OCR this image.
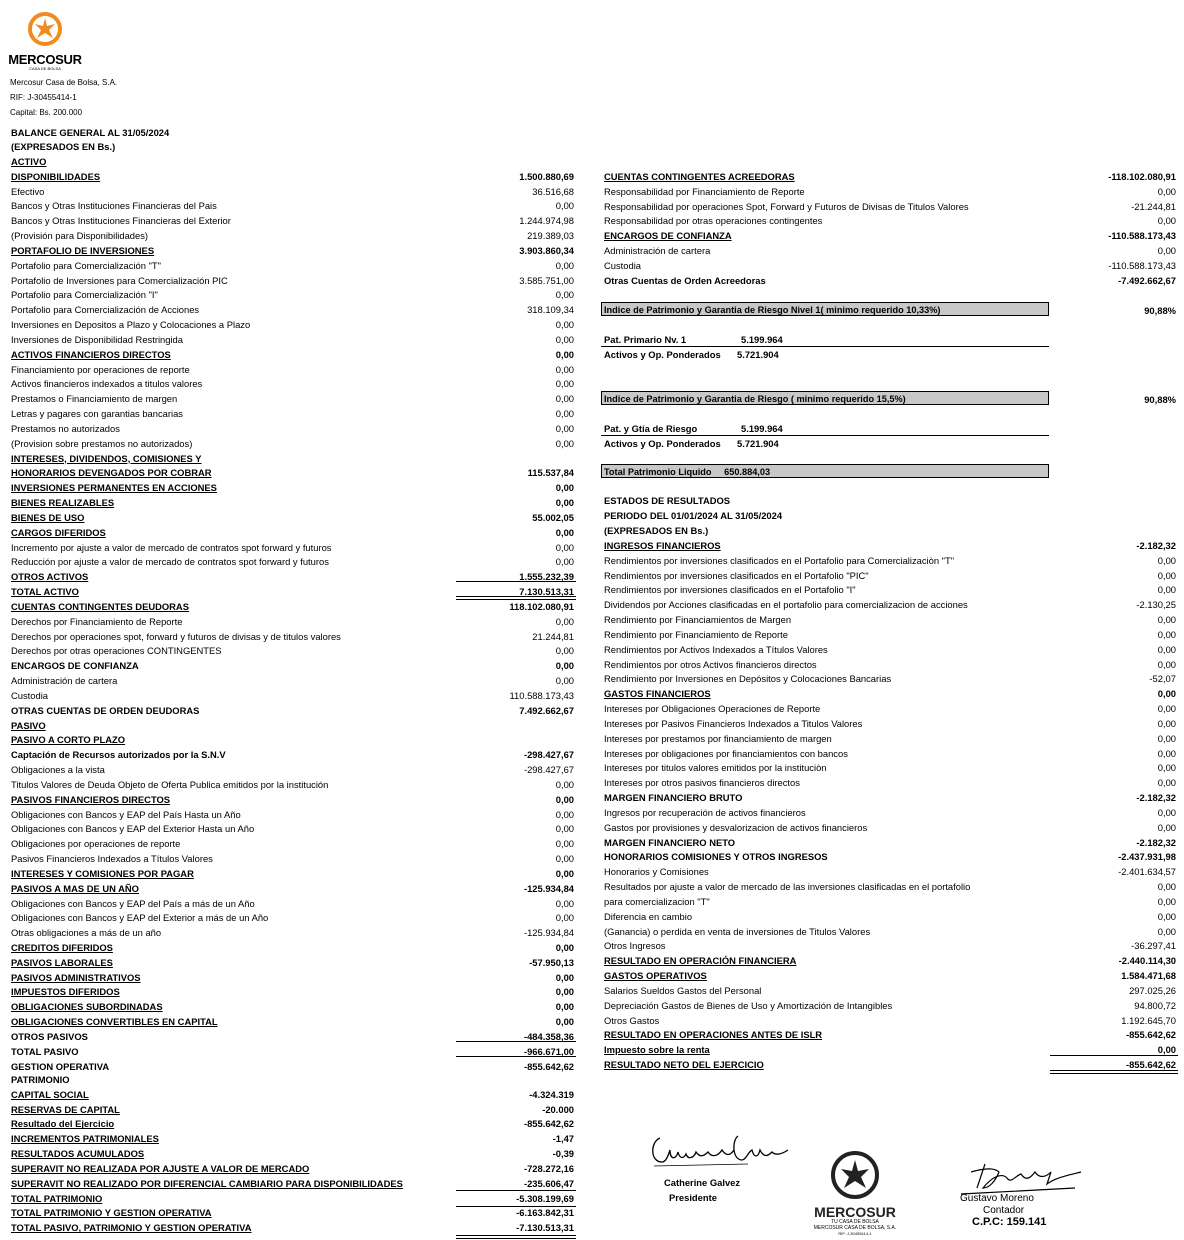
MERCOSUR
CASA DE BOLSA
Mercosur Casa de Bolsa, S.A.
RIF: J-30455414-1
Capital: Bs. 200.000
BALANCE GENERAL AL 31/05/2024
(EXPRESADOS EN Bs.)
ACTIVO
DISPONIBILIDADES	1.500.880,69
Efectivo	36.516,68
Bancos y Otras Instituciones Financieras del Pais	0,00
Bancos y Otras Instituciones Financieras del Exterior	1.244.974,98
(Provisión para Disponibilidades)	219.389,03
PORTAFOLIO DE INVERSIONES	3.903.860,34
Portafolio para Comercialización "T"	0,00
Portafolio de Inversiones para Comercialización PIC	3.585.751,00
Portafolio para Comercialización "I"	0,00
Portafolio para Comercialización de Acciones	318.109,34
Inversiones en Depositos a Plazo y Colocaciones a Plazo	0,00
Inversiones de Disponibilidad Restringida	0,00
ACTIVOS FINANCIEROS DIRECTOS	0,00
Financiamiento por operaciones de reporte	0,00
Activos financieros indexados a titulos valores	0,00
Prestamos o Financiamiento de margen	0,00
Letras y pagares con garantias bancarias	0,00
Prestamos no autorizados	0,00
(Provision sobre prestamos no autorizados)	0,00
INTERESES, DIVIDENDOS, COMISIONES Y
HONORARIOS DEVENGADOS POR COBRAR	115.537,84
INVERSIONES PERMANENTES EN ACCIONES	0,00
BIENES REALIZABLES	0,00
BIENES DE USO	55.002,05
CARGOS DIFERIDOS	0,00
Incremento por ajuste a valor de mercado de contratos spot forward y futuros	0,00
Reducción por ajuste a valor de mercado de contratos spot forward y futuros	0,00
OTROS ACTIVOS	1.555.232,39
TOTAL ACTIVO	7.130.513,31
CUENTAS CONTINGENTES DEUDORAS	118.102.080,91
Derechos por Financiamiento de Reporte	0,00
Derechos por operaciones spot, forward y futuros de divisas y de titulos valores	21.244,81
Derechos por otras operaciones CONTINGENTES	0,00
ENCARGOS DE CONFIANZA	0,00
Administración de cartera	0,00
Custodia	110.588.173,43
OTRAS CUENTAS DE ORDEN DEUDORAS	7.492.662,67
PASIVO
PASIVO A CORTO PLAZO
Captación de Recursos autorizados por la S.N.V	-298.427,67
Obligaciones a la vista	-298.427,67
Titulos Valores de Deuda Objeto de Oferta Publica emitidos por la institución	0,00
PASIVOS FINANCIEROS DIRECTOS	0,00
Obligaciones con Bancos y EAP del País Hasta un Año	0,00
Obligaciones con Bancos y EAP del Exterior Hasta un Año	0,00
Obligaciones por operaciones de reporte	0,00
Pasivos Financieros Indexados a Títulos Valores	0,00
INTERESES Y COMISIONES POR PAGAR	0,00
PASIVOS A MAS DE UN AÑO	-125.934,84
Obligaciones con Bancos y EAP del País a más de un Año	0,00
Obligaciones con Bancos y EAP del Exterior a más de un Año	0,00
Otras obligaciones a más de un año	-125.934,84
CREDITOS DIFERIDOS	0,00
PASIVOS LABORALES	-57.950,13
PASIVOS ADMINISTRATIVOS	0,00
IMPUESTOS DIFERIDOS	0,00
OBLIGACIONES SUBORDINADAS	0,00
OBLIGACIONES CONVERTIBLES EN CAPITAL	0,00
OTROS PASIVOS	-484.358,36
TOTAL PASIVO	-966.671,00
GESTION OPERATIVA	-855.642,62
PATRIMONIO
CAPITAL SOCIAL	-4.324.319
RESERVAS DE CAPITAL	-20.000
Resultado del Ejercicio	-855.642,62
INCREMENTOS PATRIMONIALES	-1,47
RESULTADOS ACUMULADOS	-0,39
SUPERAVIT NO REALIZADA POR AJUSTE A VALOR DE MERCADO	-728.272,16
SUPERAVIT NO REALIZADO POR DIFERENCIAL CAMBIARIO PARA DISPONIBILIDADES	-235.606,47
TOTAL PATRIMONIO	-5.308.199,69
TOTAL PATRIMONIO Y GESTION OPERATIVA	-6.163.842,31
TOTAL PASIVO, PATRIMONIO Y GESTION OPERATIVA	-7.130.513,31
CUENTAS CONTINGENTES ACREEDORAS	-118.102.080,91
Responsabilidad por Financiamiento de Reporte	0,00
Responsabilidad por operaciones Spot, Forward y Futuros de Divisas de Titulos Valores	-21.244,81
Responsabilidad por otras operaciones contingentes	0,00
ENCARGOS DE CONFIANZA	-110.588.173,43
Administración de cartera	0,00
Custodia	-110.588.173,43
Otras Cuentas de Orden Acreedoras	-7.492.662,67
INGRESOS FINANCIEROS	-2.182,32
Rendimientos por inversiones clasificados en el Portafolio para Comercializaciòn "T"	0,00
Rendimientos por inversiones clasificados en el Portafolio "PIC"	0,00
Rendimientos por inversiones clasificados en el Portafolio "I"	0,00
Dividendos por Acciones clasificadas en el portafolio para comercializacion de acciones	-2.130,25
Rendimiento por Financiamientos de Margen	0,00
Rendimiento por Financiamiento de Reporte	0,00
Rendimientos por Activos Indexados a Títulos Valores	0,00
Rendimientos por otros Activos financieros directos	0,00
Rendimiento por Inversiones en Depósitos y Colocaciones Bancarias	-52,07
GASTOS FINANCIEROS	0,00
Intereses por Obligaciones Operaciones de Reporte	0,00
Intereses por Pasivos Financieros Indexados a Titulos Valores	0,00
Intereses por prestamos por financiamiento de margen	0,00
Intereses por obligaciones por financiamientos con bancos	0,00
Intereses por titulos valores emitidos por la instituciòn	0,00
Intereses por otros pasivos financieros directos	0,00
MARGEN FINANCIERO BRUTO	-2.182,32
Ingresos por recuperación de activos financieros	0,00
Gastos por provisiones y desvalorizacion de activos financieros	0,00
MARGEN FINANCIERO NETO	-2.182,32
HONORARIOS COMISIONES Y OTROS INGRESOS	-2.437.931,98
Honorarios y Comisiones	-2.401.634,57
Resultados por ajuste a valor de mercado de las inversiones clasificadas en el portafolio	0,00
para comercializacion "T"	0,00
Diferencia en cambio	0,00
(Ganancia) o perdida en venta de inversiones de Titulos Valores	0,00
Otros Ingresos	-36.297,41
RESULTADO EN OPERACIÓN FINANCIERA	-2.440.114,30
GASTOS OPERATIVOS	1.584.471,68
Salarios Sueldos Gastos del Personal	297.025,26
Depreciación Gastos de Bienes de Uso y Amortización de Intangibles	94.800,72
Otros Gastos	1.192.645,70
RESULTADO EN OPERACIONES ANTES DE ISLR	-855.642,62
Impuesto sobre la renta	0,00
RESULTADO NETO DEL EJERCICIO	-855.642,62
Indice de Patrimonio y Garantia de Riesgo Nivel 1( minimo requerido 10,33%)	90,88%
Pat. Primario Nv. 1	5.199.964
Activos y Op. Ponderados 5.721.904
Indice de Patrimonio y Garantia de Riesgo ( minimo requerido 15,5%)	90,88%
Pat. y Gtía de Riesgo	5.199.964
Activos y Op. Ponderados 5.721.904
Total Patrimonio Liquido 650.884,03
ESTADOS DE RESULTADOS
PERIODO DEL 01/01/2024 AL 31/05/2024
(EXPRESADOS EN Bs.)
Catherine Galvez
Presidente
MERCOSUR
TU CASA DE BOLSA
MERCOSUR CASA DE BOLSA, S.A.
RIF: J-30455414-1
Gustavo Moreno
Contador
C.P.C: 159.141
